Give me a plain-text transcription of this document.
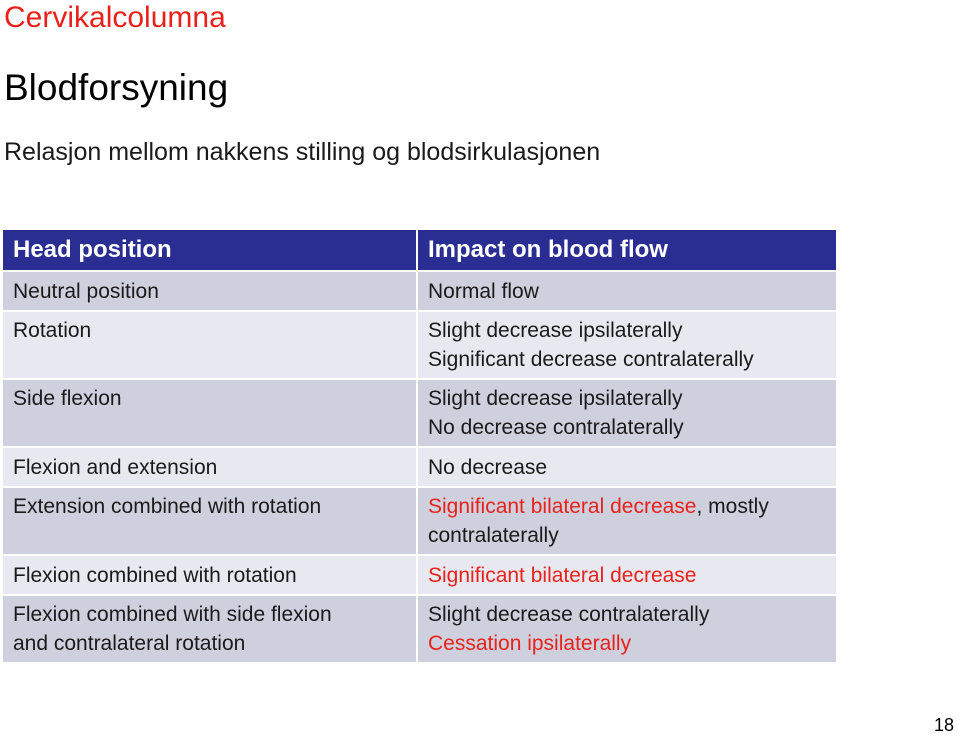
Cervikalcolumna
Blodforsyning
Relasjon mellom nakkens stilling og blodsirkulasjonen
Head position	Impact on blood flow
Neutral position	Normal flow
Rotation	Slight decrease ipsilaterally
Significant decrease contralaterally

Side flexion	Slight decrease ipsilaterally
No decrease contralaterally

Flexion and extension	No decrease
Extension combined with rotation	Significant bilateral decrease, mostly
contralaterally

Flexion combined with rotation	Significant bilateral decrease

Flexion combined with side flexion
and contralateral rotation	Slight decrease contralaterally
Cessation ipsilaterally
18
